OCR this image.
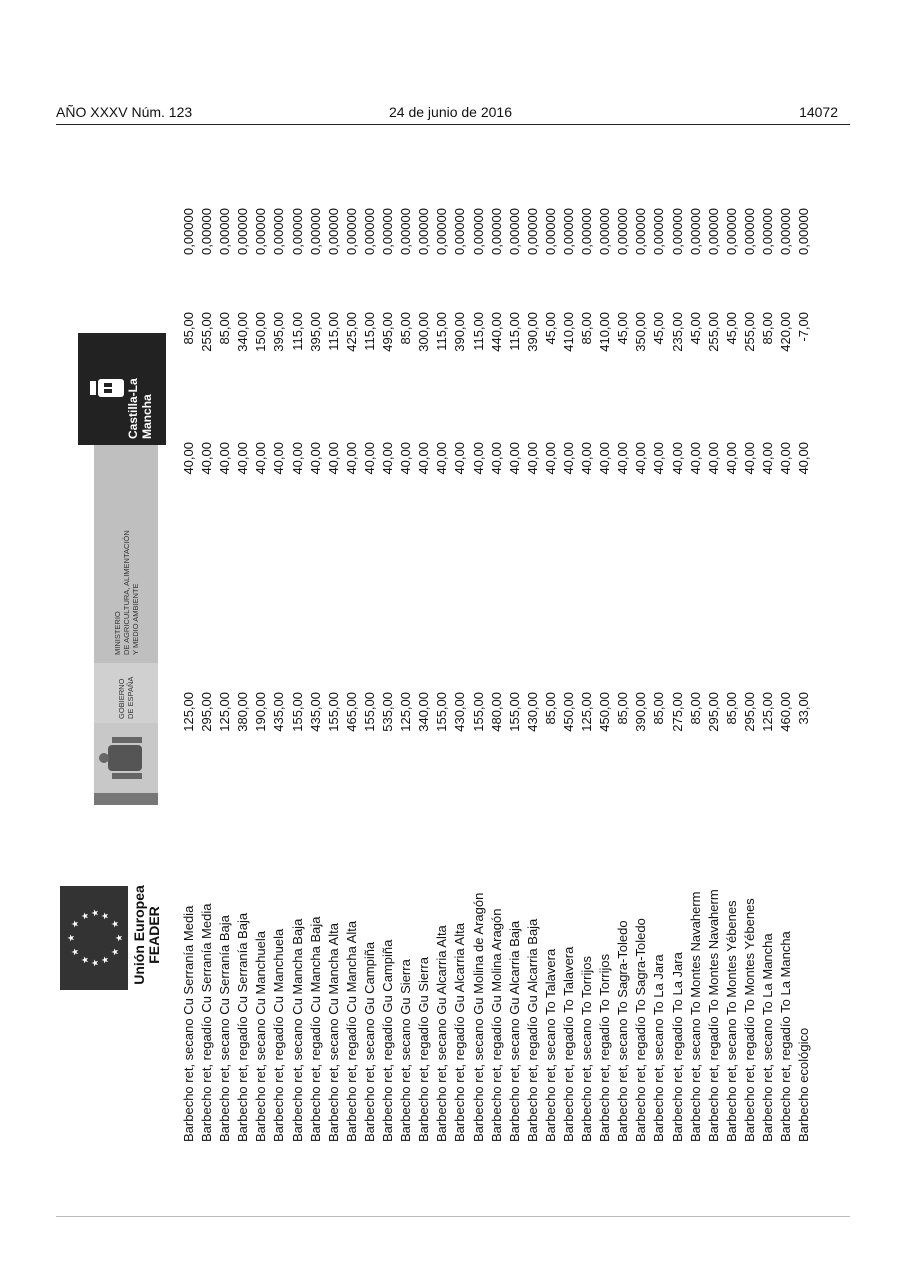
AÑO XXXV Núm. 123	24 de junio de 2016	14072
★
★
★ ★ ★
★
★
★
★
★
★
★	Unión Europea FEADER
GOBIERNO DE ESPAÑA
MINISTERIO DE AGRICULTURA, ALIMENTACIÓN Y MEDIO AMBIENTE
Castilla-La Mancha
Barbecho ret, secano Cu Serranía Media
125,00
40,00
85,00
0,00000
Barbecho ret, regadío Cu Serranía Media
295,00
40,00
255,00
0,00000
Barbecho ret, secano Cu Serranía Baja
125,00
40,00
85,00
0,00000
Barbecho ret, regadío Cu Serranía Baja
380,00
40,00
340,00
0,00000
Barbecho ret, secano Cu Manchuela
190,00
40,00
150,00
0,00000
Barbecho ret, regadío Cu Manchuela
435,00
40,00
395,00
0,00000
Barbecho ret, secano Cu Mancha Baja
155,00
40,00
115,00
0,00000
Barbecho ret, regadío Cu Mancha Baja
435,00
40,00
395,00
0,00000
Barbecho ret, secano Cu Mancha Alta
155,00
40,00
115,00
0,00000
Barbecho ret, regadío Cu Mancha Alta
465,00
40,00
425,00
0,00000
Barbecho ret, secano Gu Campiña
155,00
40,00
115,00
0,00000
Barbecho ret, regadío Gu Campiña
535,00
40,00
495,00
0,00000
Barbecho ret, secano Gu Sierra
125,00
40,00
85,00
0,00000
Barbecho ret, regadío Gu Sierra
340,00
40,00
300,00
0,00000
Barbecho ret, secano Gu Alcarria Alta
155,00
40,00
115,00
0,00000
Barbecho ret, regadío Gu Alcarria Alta
430,00
40,00
390,00
0,00000
Barbecho ret, secano Gu Molina de Aragón
155,00
40,00
115,00
0,00000
Barbecho ret, regadío Gu Molina Aragón
480,00
40,00
440,00
0,00000
Barbecho ret, secano Gu Alcarria Baja
155,00
40,00
115,00
0,00000
Barbecho ret, regadío Gu Alcarria Baja
430,00
40,00
390,00
0,00000
Barbecho ret, secano To Talavera
85,00
40,00
45,00
0,00000
Barbecho ret, regadío To Talavera
450,00
40,00
410,00
0,00000
Barbecho ret, secano To Torrijos
125,00
40,00
85,00
0,00000
Barbecho ret, regadío To Torrijos
450,00
40,00
410,00
0,00000
Barbecho ret, secano To Sagra-Toledo
85,00
40,00
45,00
0,00000
Barbecho ret, regadío To Sagra-Toledo
390,00
40,00
350,00
0,00000
Barbecho ret, secano To La Jara
85,00
40,00
45,00
0,00000
Barbecho ret, regadío To La Jara
275,00
40,00
235,00
0,00000
Barbecho ret, secano To Montes Navaherm
85,00
40,00
45,00
0,00000
Barbecho ret, regadío To Montes Navaherm
295,00
40,00
255,00
0,00000
Barbecho ret, secano To Montes Yébenes
85,00
40,00
45,00
0,00000
Barbecho ret, regadío To Montes Yébenes
295,00
40,00
255,00
0,00000
Barbecho ret, secano To La Mancha
125,00
40,00
85,00
0,00000
Barbecho ret, regadío To La Mancha
460,00
40,00
420,00
0,00000
Barbecho ecológico
33,00
40,00
-7,00
0,00000
